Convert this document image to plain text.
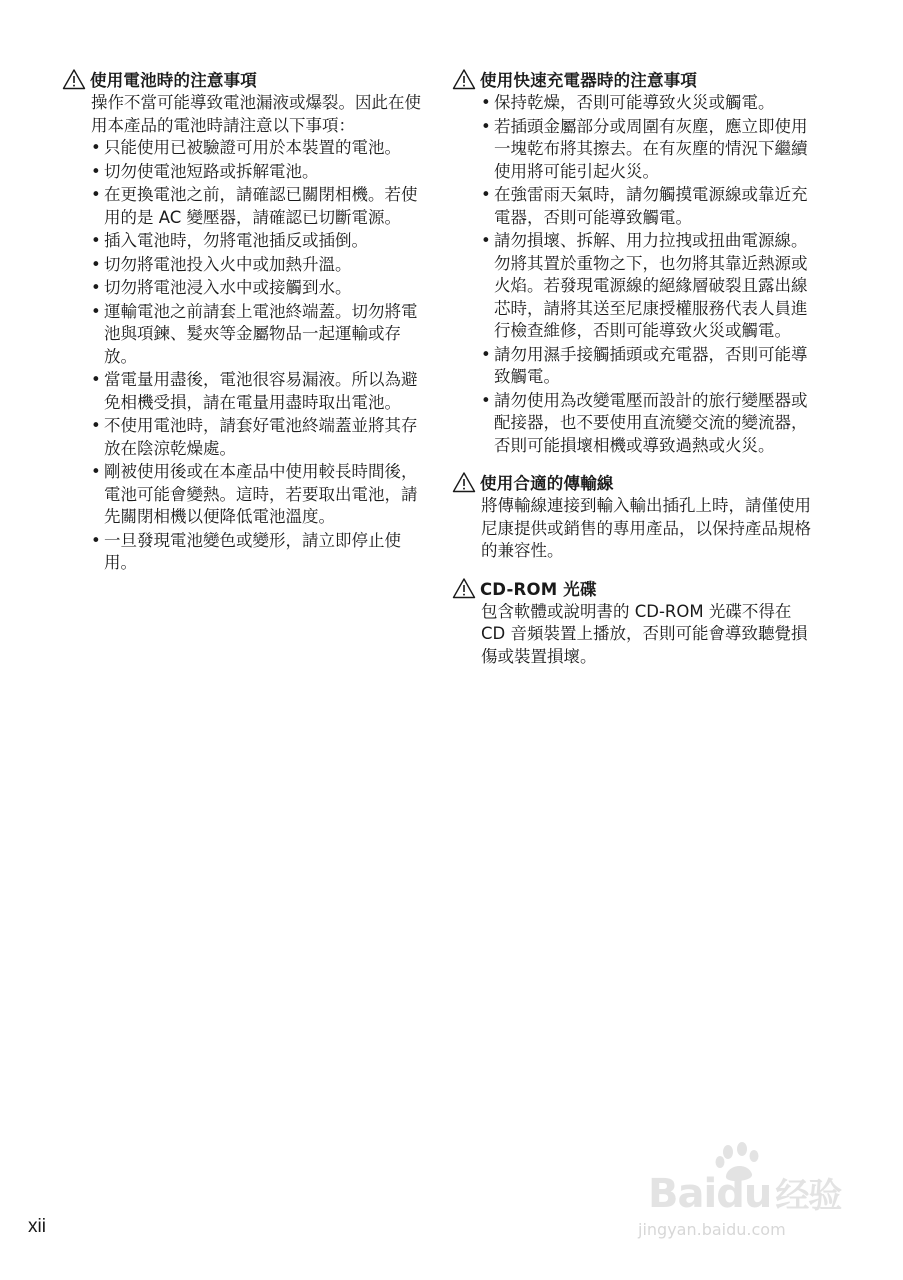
使用電池時的注意事項

操作不當可能導致電池漏液或爆裂。因此在使用本產品的電池時請注意以下事項：

• 只能使用已被驗證可用於本裝置的電池。
• 切勿使電池短路或拆解電池。
• 在更換電池之前，請確認已關閉相機。若使用的是 AC 變壓器，請確認已切斷電源。
• 插入電池時，勿將電池插反或插倒。
• 切勿將電池投入火中或加熱升溫。
• 切勿將電池浸入水中或接觸到水。
• 運輸電池之前請套上電池終端蓋。切勿將電池與項鍊、髮夾等金屬物品一起運輸或存放。
• 當電量用盡後，電池很容易漏液。所以為避免相機受損，請在電量用盡時取出電池。
• 不使用電池時，請套好電池終端蓋並將其存放在陰涼乾燥處。
• 剛被使用後或在本產品中使用較長時間後，電池可能會變熱。這時，若要取出電池，請先關閉相機以便降低電池溫度。
• 一旦發現電池變色或變形，請立即停止使用。
使用快速充電器時的注意事項
• 保持乾燥，否則可能導致火災或觸電。
• 若插頭金屬部分或周圍有灰塵，應立即使用一塊乾布將其擦去。在有灰塵的情況下繼續使用將可能引起火災。
• 在強雷雨天氣時，請勿觸摸電源線或靠近充電器，否則可能導致觸電。
• 請勿損壞、拆解、用力拉拽或扭曲電源線。勿將其置於重物之下，也勿將其靠近熱源或火焰。若發現電源線的絕緣層破裂且露出線芯時，請將其送至尼康授權服務代表人員進行檢查維修，否則可能導致火災或觸電。
• 請勿用濕手接觸插頭或充電器，否則可能導致觸電。
• 請勿使用為改變電壓而設計的旅行變壓器或配接器，也不要使用直流變交流的變流器，否則可能損壞相機或導致過熱或火災。
使用合適的傳輸線

將傳輸線連接到輸入輸出插孔上時，請僅使用尼康提供或銷售的專用產品，以保持產品規格的兼容性。

CD-ROM 光碟

包含軟體或說明書的 CD-ROM 光碟不得在 CD 音頻裝置上播放，否則可能會導致聽覺損傷或裝置損壞。

xii
Baidu 经验
jingyan.baidu.com
